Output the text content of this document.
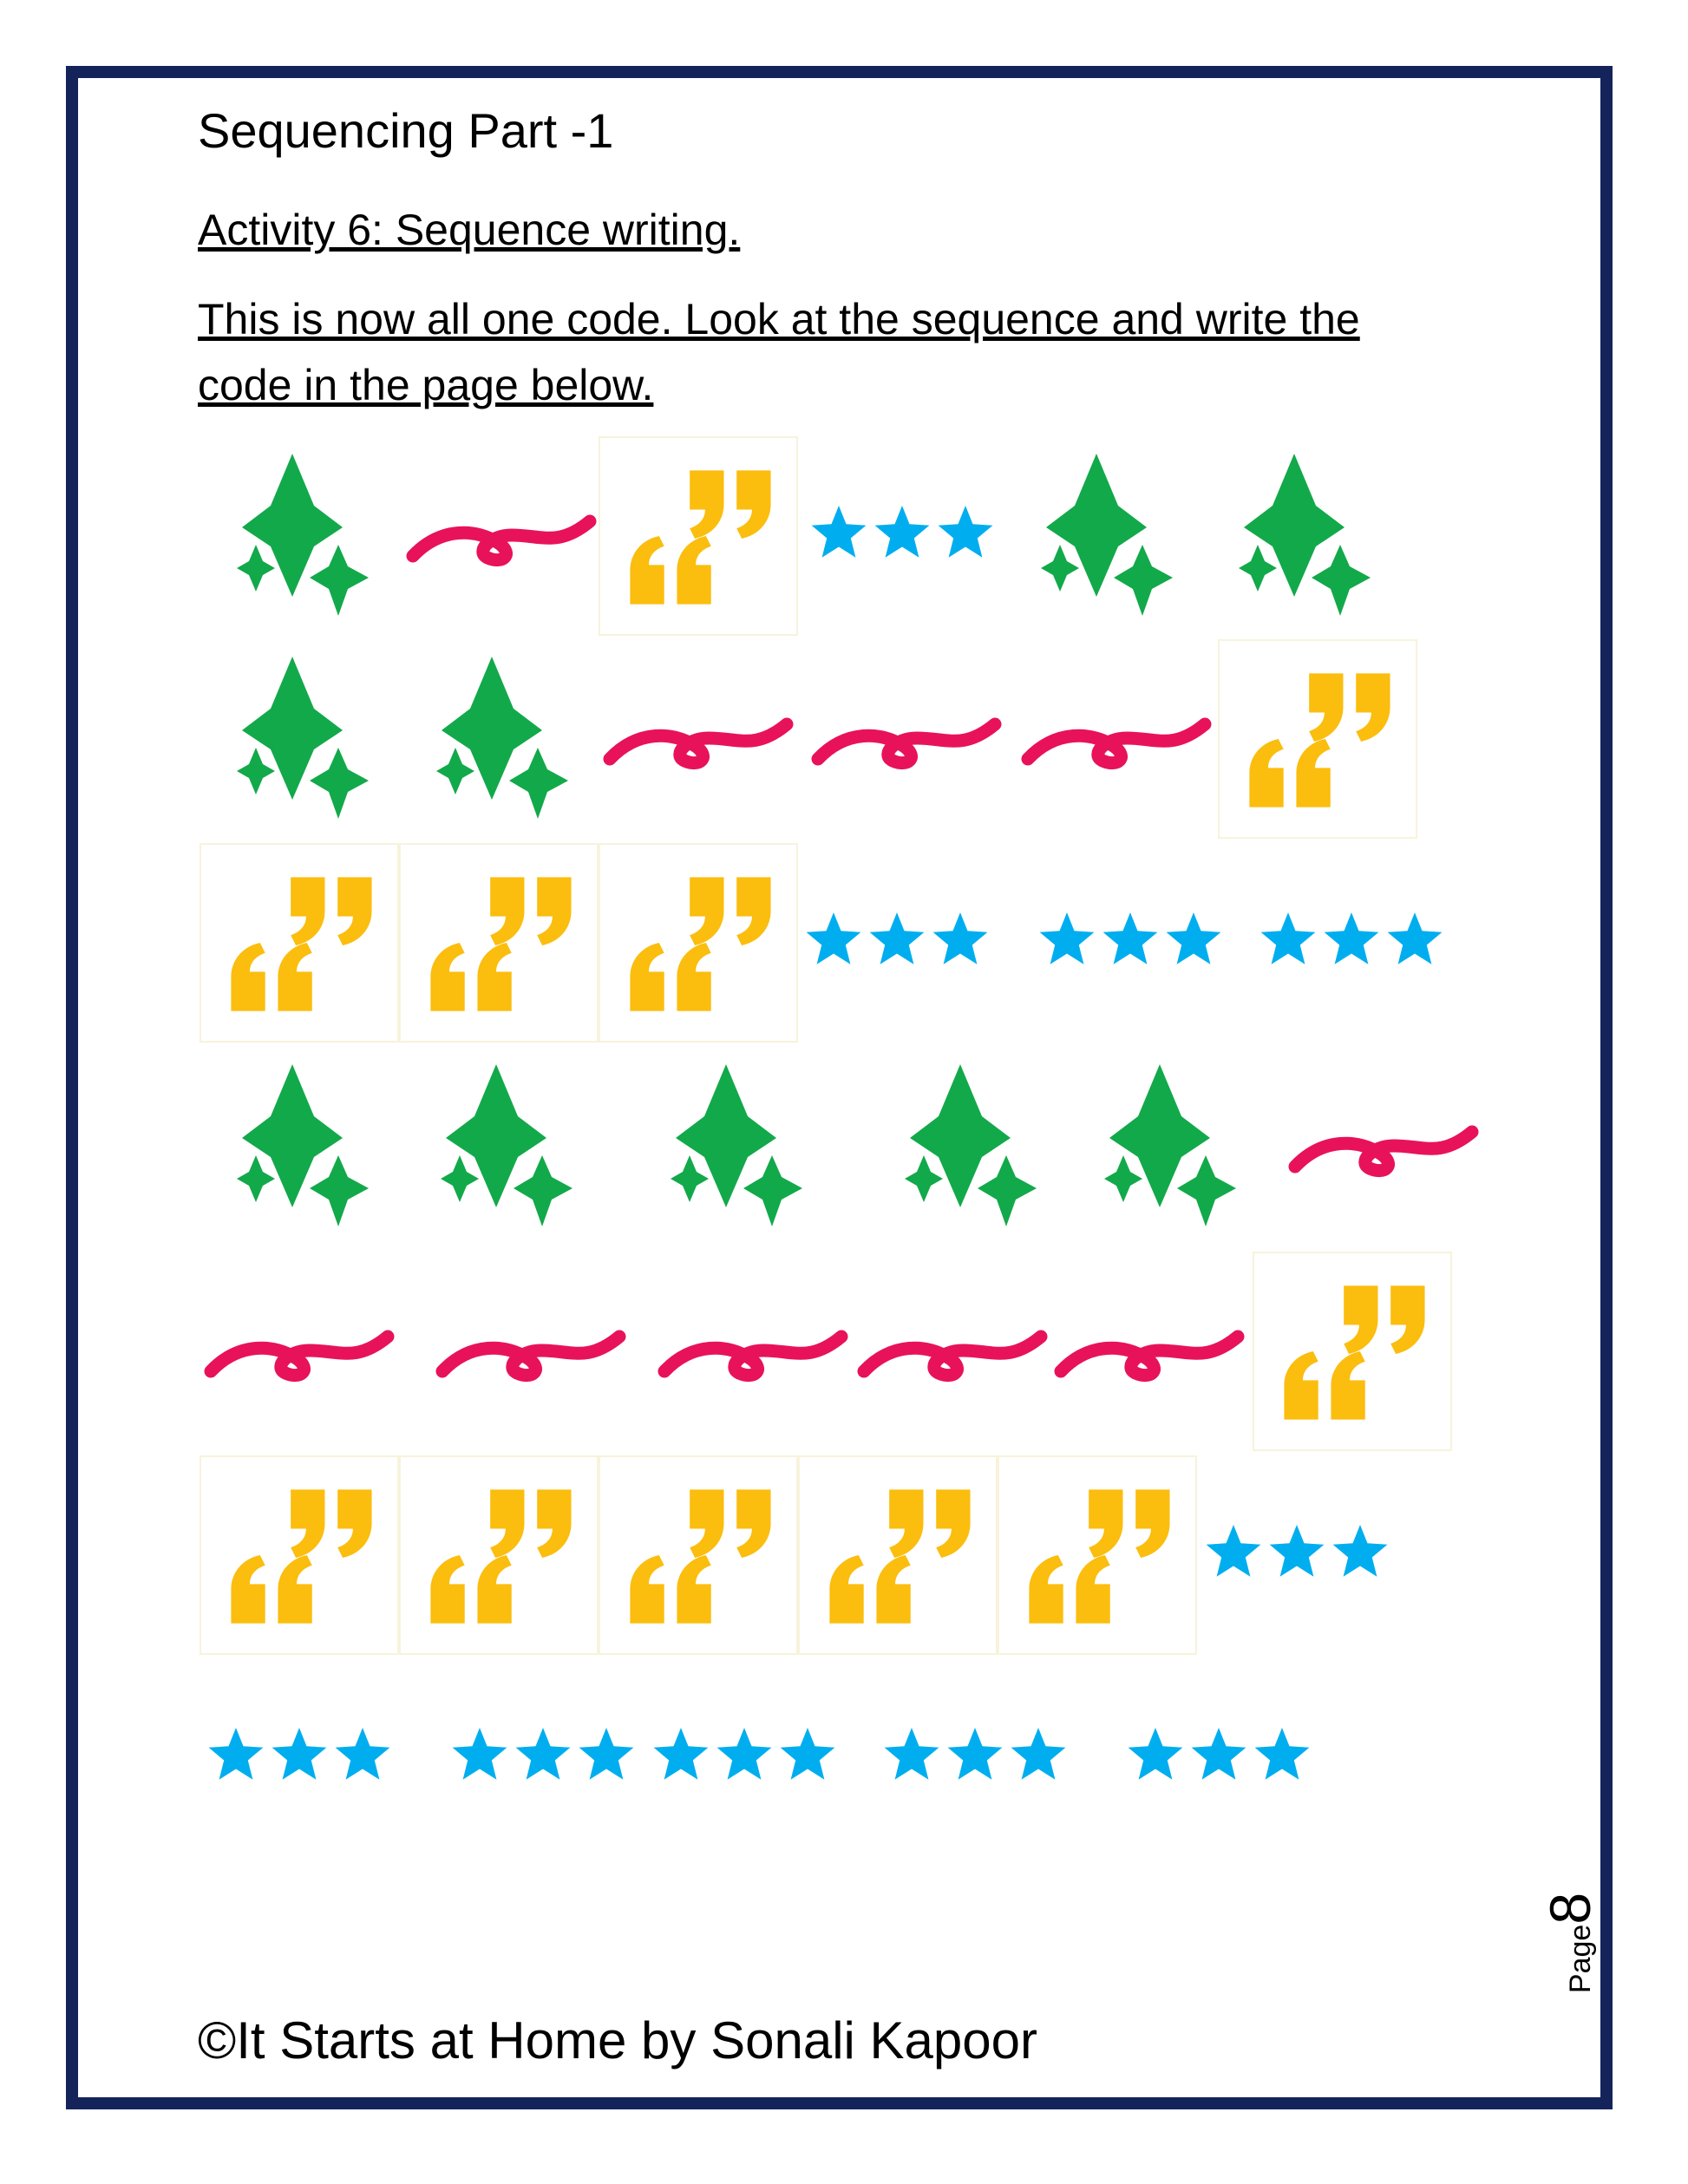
Sequencing Part -1
Activity 6: Sequence writing.
This is now all one code. Look at the sequence and write the code in the page below.
©It Starts at Home by Sonali Kapoor
Page8
